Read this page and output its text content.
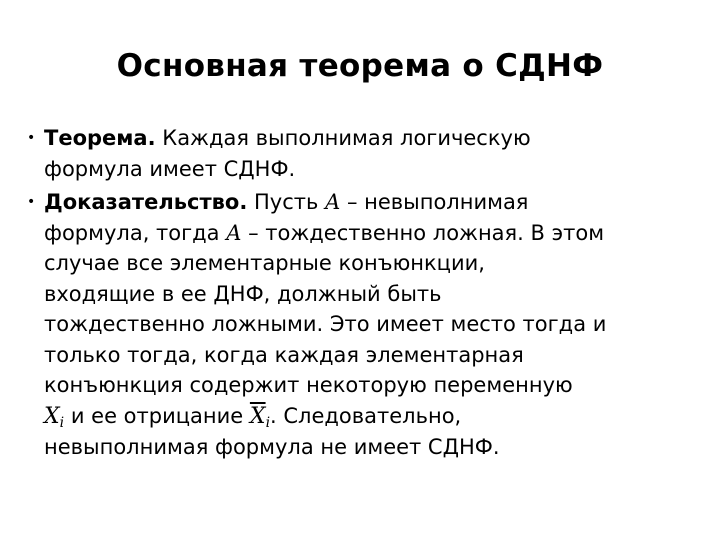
Основная теорема о СДНФ
• Теорема. Каждая выполнимая логическую
формула имеет СДНФ.
• Доказательство. Пусть A – невыполнимая
формула, тогда A – тождественно ложная. В этом
случае все элементарные конъюнкции,
входящие в ее ДНФ, должный быть
тождественно ложными. Это имеет место тогда и
только тогда, когда каждая элементарная
конъюнкция содержит некоторую переменную
$X_i$ и ее отрицание $\overline{X}_i$. Следовательно,
невыполнимая формула не имеет СДНФ.
